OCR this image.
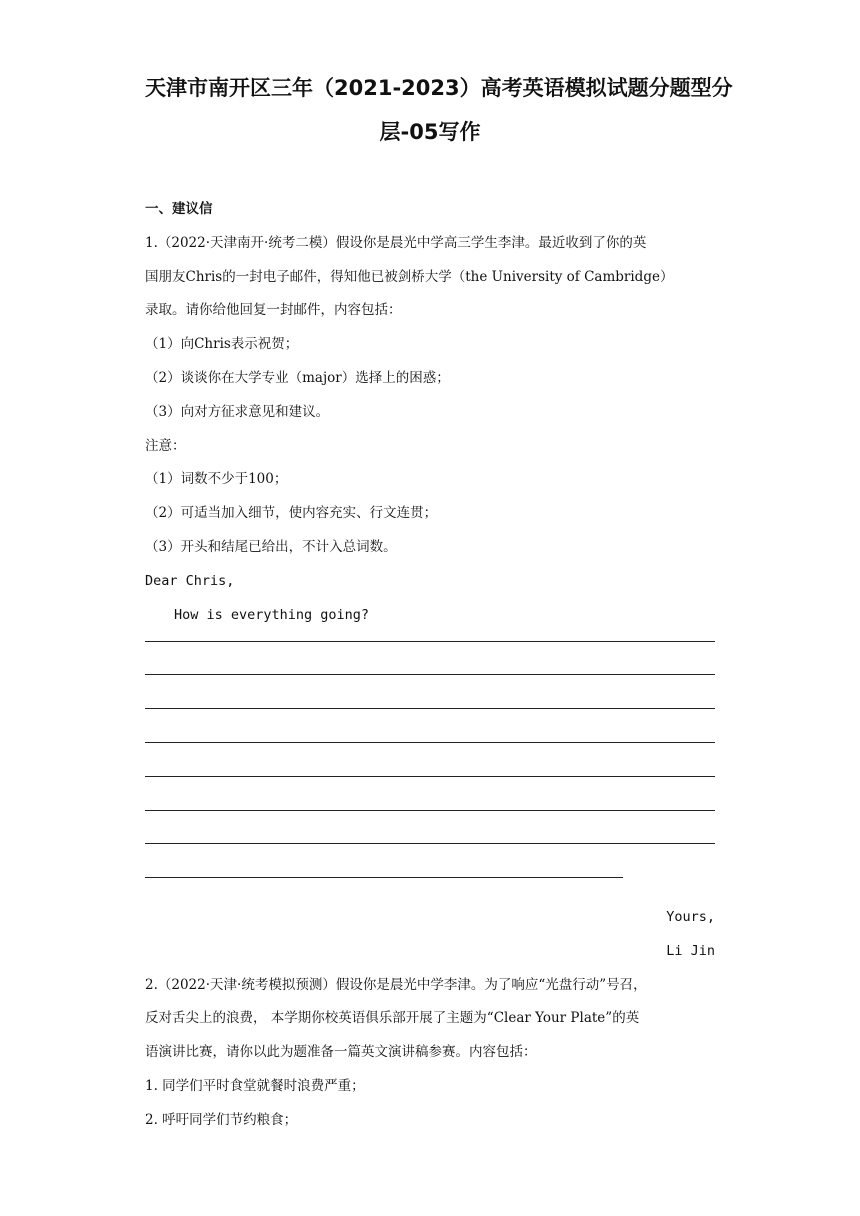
天津市南开区三年（2021-2023）高考英语模拟试题分题型分
层-05写作
一、建议信
1.（2022·天津南开·统考二模）假设你是晨光中学高三学生李津。最近收到了你的英
国朋友Chris的一封电子邮件，得知他已被剑桥大学（the University of Cambridge）
录取。请你给他回复一封邮件，内容包括：
（1）向Chris表示祝贺；
（2）谈谈你在大学专业（major）选择上的困惑；
（3）向对方征求意见和建议。
注意：
（1）词数不少于100；
（2）可适当加入细节，使内容充实、行文连贯；
（3）开头和结尾已给出，不计入总词数。
Dear Chris,
How is everything going?
Yours,
Li Jin
2.（2022·天津·统考模拟预测）假设你是晨光中学李津。为了响应“光盘行动”号召，
反对舌尖上的浪费， 本学期你校英语俱乐部开展了主题为“Clear Your Plate”的英
语演讲比赛，请你以此为题准备一篇英文演讲稿参赛。内容包括：
1. 同学们平时食堂就餐时浪费严重；
2. 呼吁同学们节约粮食；
